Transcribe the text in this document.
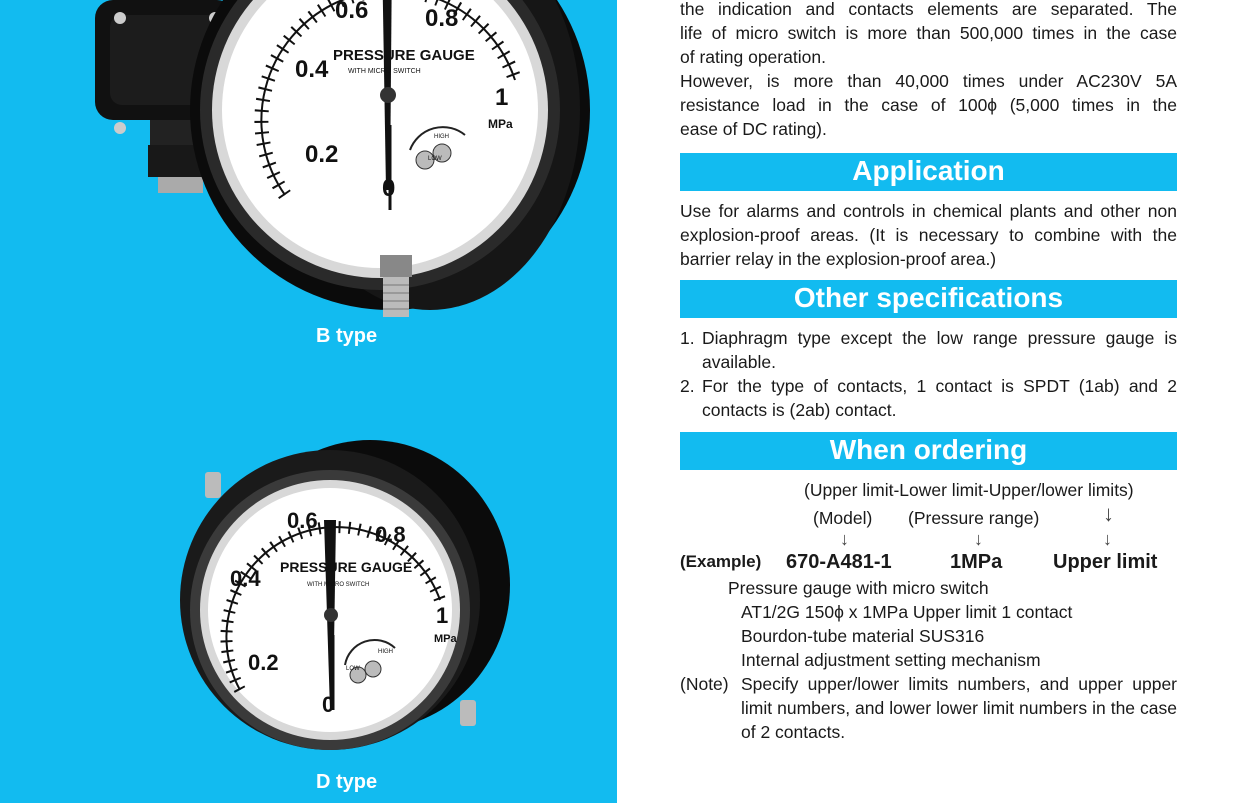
0.4
0.2
0.6 0.8
1
0
MPa
PRESSURE GAUGE
WITH MICRO SWITCH
LOW
HIGH
B type
0.4
0.2
0.6
0.8
1
0
MPa
PRESSURE GAUGE
WITH MICRO SWITCH
LOW
HIGH
D type

the indication and contacts elements are separated. The

life of micro switch is more than 500,000 times in the case

of rating operation.

However, is more than 40,000 times under AC230V 5A

resistance load in the case of 100ϕ (5,000 times in the

ease of DC rating).

Application

Use for alarms and controls in chemical plants and other non explosion-proof areas. (It is necessary to combine with the barrier relay in the explosion-proof area.)

Other specifications
1. Diaphragm type except the low range pressure gauge is available.
2. For the type of contacts, 1 contact is SPDT (1ab) and 2 contacts is (2ab) contact.
When ordering
(Upper limit-Lower limit-Upper/lower limits)
(Model) (Pressure range)	↓
↓	↓	↓
(Example) 670-A481-1	1MPa	Upper limit
Pressure gauge with micro switch
AT1/2G 150ϕ x 1MPa Upper limit 1 contact
Bourdon-tube material SUS316
Internal adjustment setting mechanism
(Note) Specify upper/lower limits numbers, and upper upper limit numbers, and lower lower limit numbers in the case of 2 contacts.
